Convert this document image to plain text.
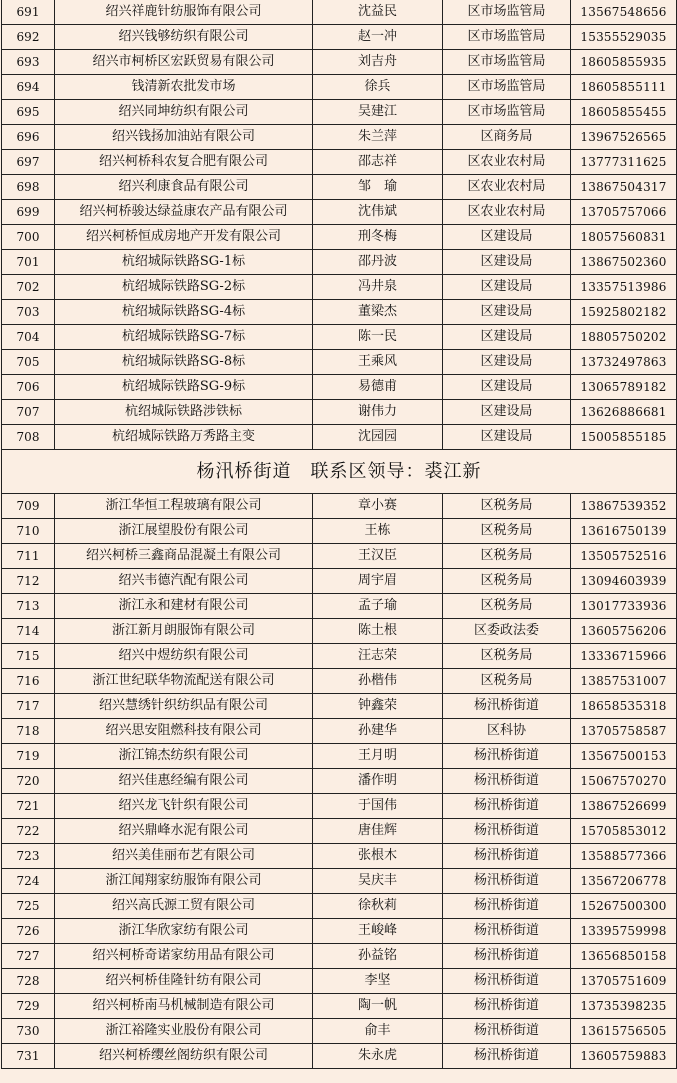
691	绍兴祥鹿针纺服饰有限公司	沈益民	区市场监管局	13567548656
692	绍兴钱够纺织有限公司	赵一冲	区市场监管局	15355529035
693	绍兴市柯桥区宏跃贸易有限公司	刘吉舟	区市场监管局	18605855935
694	钱清新农批发市场	徐兵	区市场监管局	18605855111
695	绍兴同坤纺织有限公司	吴建江	区市场监管局	18605855455
696	绍兴钱扬加油站有限公司	朱兰萍	区商务局	13967526565
697	绍兴柯桥科农复合肥有限公司	邵志祥	区农业农村局	13777311625
698	绍兴利康食品有限公司	邹　瑜	区农业农村局	13867504317
699	绍兴柯桥骏达绿益康农产品有限公司	沈伟斌	区农业农村局	13705757066
700	绍兴柯桥恒成房地产开发有限公司	刑冬梅	区建设局	18057560831
701	杭绍城际铁路SG-1标	邵丹波	区建设局	13867502360
702	杭绍城际铁路SG-2标	冯井泉	区建设局	13357513986
703	杭绍城际铁路SG-4标	董梁杰	区建设局	15925802182
704	杭绍城际铁路SG-7标	陈一民	区建设局	18805750202
705	杭绍城际铁路SG-8标	王乘风	区建设局	13732497863
706	杭绍城际铁路SG-9标	易德甫	区建设局	13065789182
707	杭绍城际铁路涉铁标	谢伟力	区建设局	13626886681
708	杭绍城际铁路万秀路主变	沈园园	区建设局	15005855185
杨汛桥街道　联系区领导：裘江新				
709	浙江华恒工程玻璃有限公司	章小赛	区税务局	13867539352
710	浙江展望股份有限公司	王栋	区税务局	13616750139
711	绍兴柯桥三鑫商品混凝土有限公司	王汉臣	区税务局	13505752516
712	绍兴韦德汽配有限公司	周宇眉	区税务局	13094603939
713	浙江永和建材有限公司	孟子瑜	区税务局	13017733936
714	浙江新月朗服饰有限公司	陈土根	区委政法委	13605756206
715	绍兴中煜纺织有限公司	汪志荣	区税务局	13336715966
716	浙江世纪联华物流配送有限公司	孙楷伟	区税务局	13857531007
717	绍兴慧绣针织纺织品有限公司	钟鑫荣	杨汛桥街道	18658535318
718	绍兴思安阻燃科技有限公司	孙建华	区科协	13705758587
719	浙江锦杰纺织有限公司	王月明	杨汛桥街道	13567500153
720	绍兴佳惠经编有限公司	潘作明	杨汛桥街道	15067570270
721	绍兴龙飞针织有限公司	于国伟	杨汛桥街道	13867526699
722	绍兴鼎峰水泥有限公司	唐佳辉	杨汛桥街道	15705853012
723	绍兴美佳丽布艺有限公司	张根木	杨汛桥街道	13588577366
724	浙江闻翔家纺服饰有限公司	吴庆丰	杨汛桥街道	13567206778
725	绍兴高氏源工贸有限公司	徐秋莉	杨汛桥街道	15267500300
726	浙江华欣家纺有限公司	王峻峰	杨汛桥街道	13395759998
727	绍兴柯桥奇诺家纺用品有限公司	孙益铭	杨汛桥街道	13656850158
728	绍兴柯桥佳隆针纺有限公司	李坚	杨汛桥街道	13705751609
729	绍兴柯桥南马机械制造有限公司	陶一帆	杨汛桥街道	13735398235
730	浙江裕隆实业股份有限公司	俞丰	杨汛桥街道	13615756505
731	绍兴柯桥缨丝阁纺织有限公司	朱永虎	杨汛桥街道	13605759883
